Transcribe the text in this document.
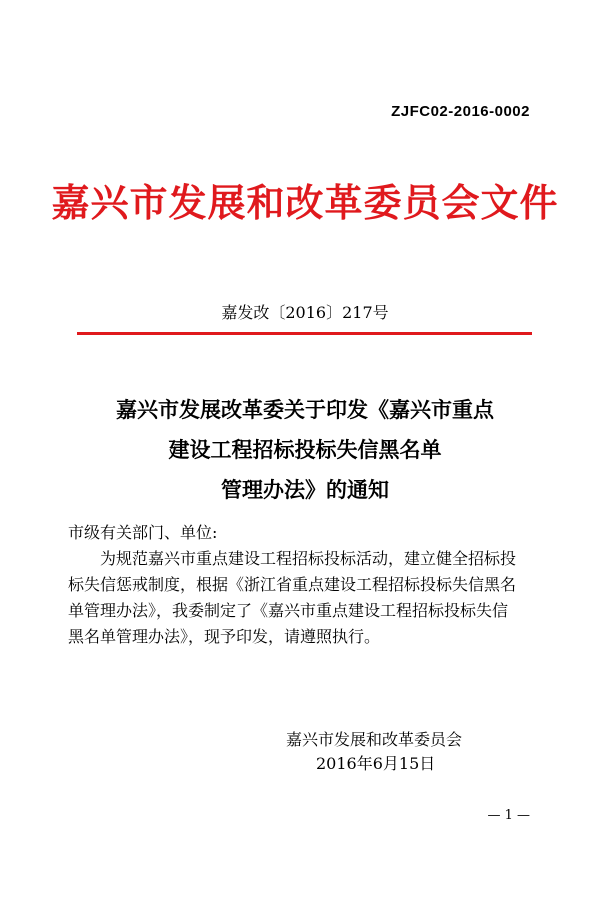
ZJFC02-2016-0002
嘉兴市发展和改革委员会文件
嘉发改〔2016〕217号
嘉兴市发展改革委关于印发《嘉兴市重点
建设工程招标投标失信黑名单
管理办法》的通知
市级有关部门、单位:
　　为规范嘉兴市重点建设工程招标投标活动，建立健全招标投
标失信惩戒制度，根据《浙江省重点建设工程招标投标失信黑名
单管理办法》，我委制定了《嘉兴市重点建设工程招标投标失信
黑名单管理办法》，现予印发，请遵照执行。
嘉兴市发展和改革委员会
2016年6月15日
— 1 —
